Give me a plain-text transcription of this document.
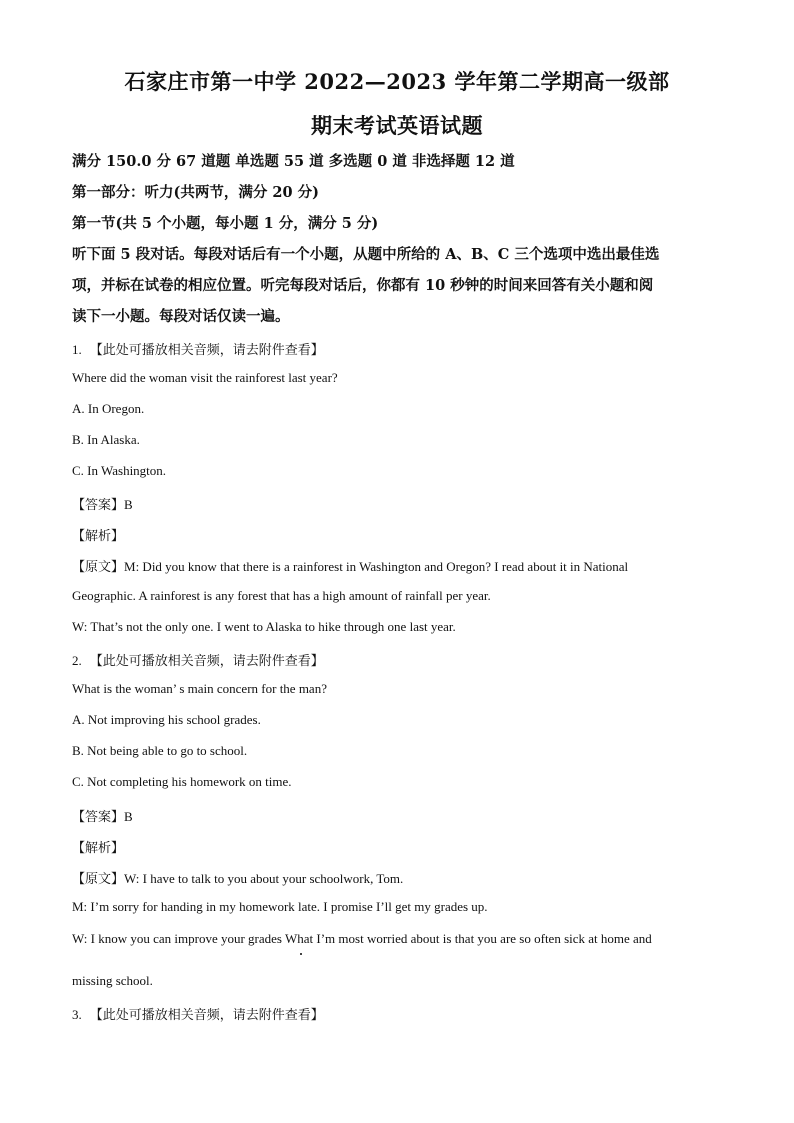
石家庄市第一中学 2022—2023 学年第二学期高一级部
期末考试英语试题
满分 150.0 分 67 道题 单选题 55 道 多选题 0 道 非选择题 12 道
第一部分：听力(共两节，满分 20 分)
第一节(共 5 个小题，每小题 1 分，满分 5 分)
听下面 5 段对话。每段对话后有一个小题，从题中所给的 A、B、C 三个选项中选出最佳选
项，并标在试卷的相应位置。听完每段对话后，你都有 10 秒钟的时间来回答有关小题和阅
读下一小题。每段对话仅读一遍。
1. 【此处可播放相关音频，请去附件查看】
Where did the woman visit the rainforest last year?
A. In Oregon.
B. In Alaska.
C. In Washington.
【答案】B
【解析】
【原文】M: Did you know that there is a rainforest in Washington and Oregon? I read about it in National
Geographic. A rainforest is any forest that has a high amount of rainfall per year.
W: That’s not the only one. I went to Alaska to hike through one last year.
2. 【此处可播放相关音频，请去附件查看】
What is the woman’ s main concern for the man?
A. Not improving his school grades.
B. Not being able to go to school.
C. Not completing his homework on time.
【答案】B
【解析】
【原文】W: I have to talk to you about your schoolwork, Tom.
M: I’m sorry for handing in my homework late. I promise I’ll get my grades up.
W: I know you can improve your grades What I’m most worried about is that you are so often sick at home and
missing school.
3. 【此处可播放相关音频，请去附件查看】
